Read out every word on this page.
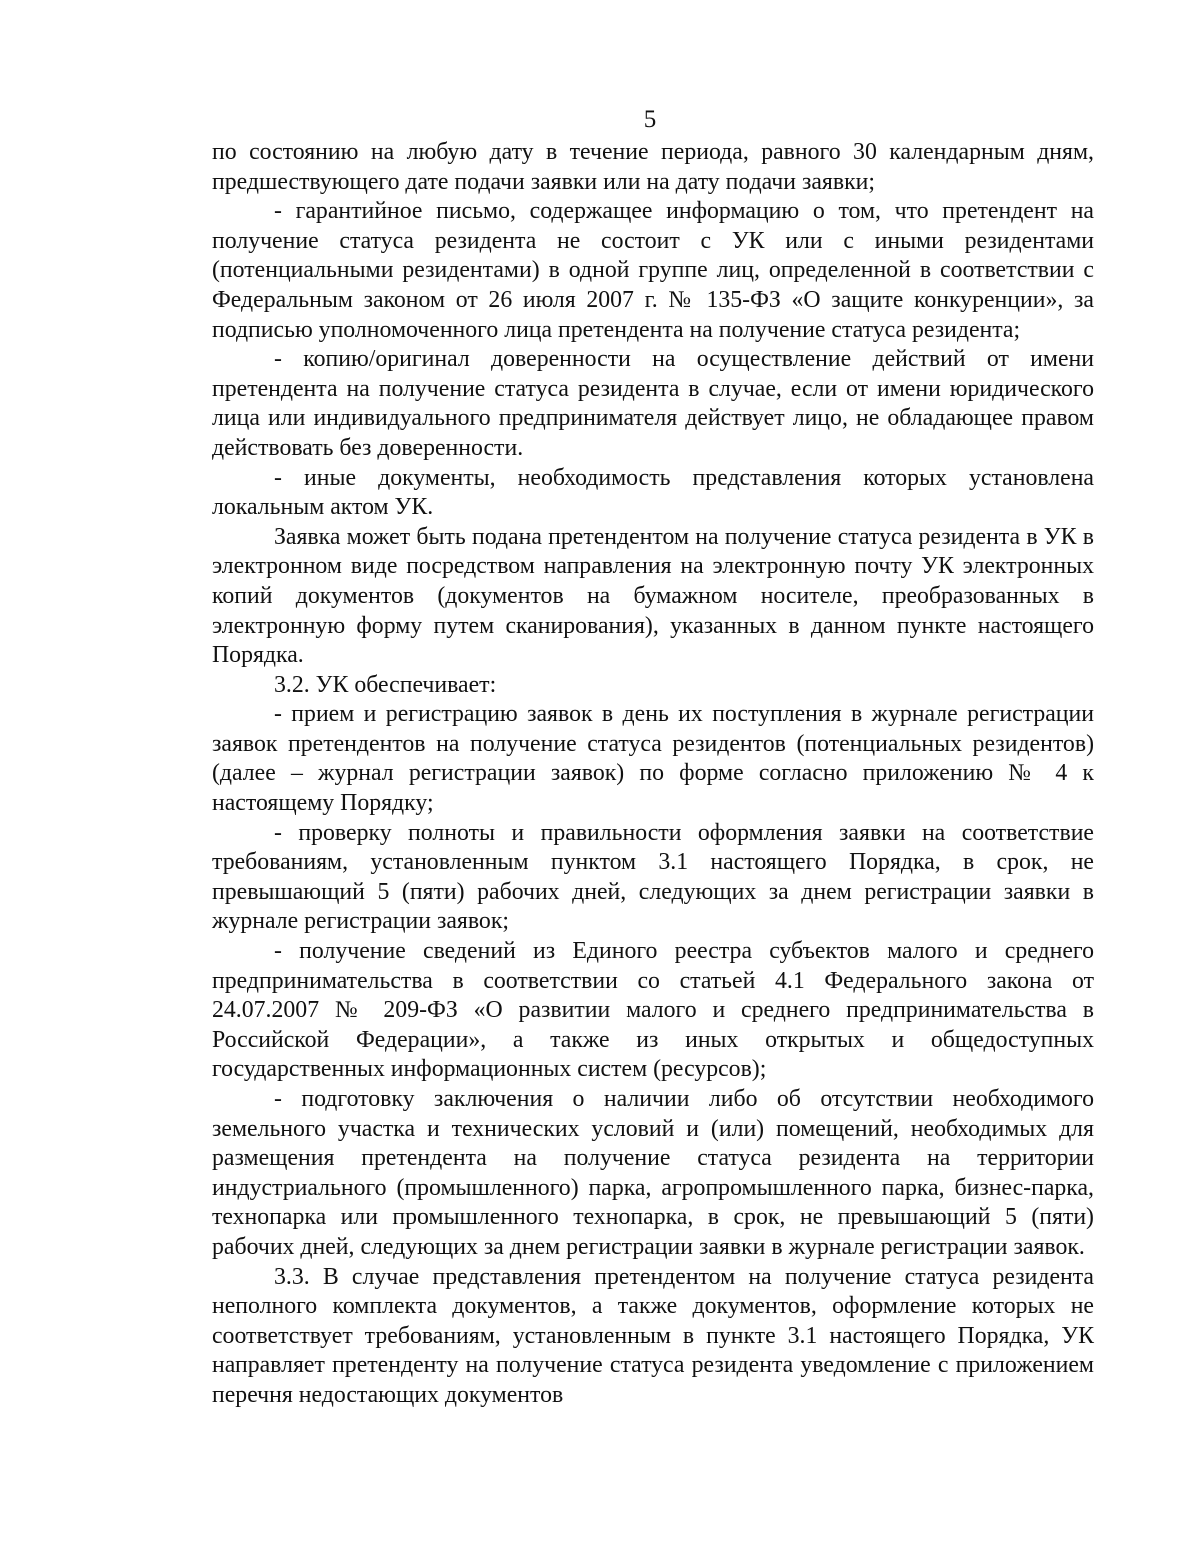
5

по состоянию на любую дату в течение периода, равного 30 календарным дням, предшествующего дате подачи заявки или на дату подачи заявки;

- гарантийное письмо, содержащее информацию о том, что претендент на получение статуса резидента не состоит с УК или с иными резидентами (потенциальными резидентами) в одной группе лиц, определенной в соответствии с Федеральным законом от 26 июля 2007 г. № 135-ФЗ «О защите конкуренции», за подписью уполномоченного лица претендента на получение статуса резидента;

- копию/оригинал доверенности на осуществление действий от имени претендента на получение статуса резидента в случае, если от имени юридического лица или индивидуального предпринимателя действует лицо, не обладающее правом действовать без доверенности.

- иные документы, необходимость представления которых установлена локальным актом УК.

Заявка может быть подана претендентом на получение статуса резидента в УК в электронном виде посредством направления на электронную почту УК электронных копий документов (документов на бумажном носителе, преобразованных в электронную форму путем сканирования), указанных в данном пункте настоящего Порядка.

3.2. УК обеспечивает:

- прием и регистрацию заявок в день их поступления в журнале регистрации заявок претендентов на получение статуса резидентов (потенциальных резидентов) (далее – журнал регистрации заявок) по форме согласно приложению № 4 к настоящему Порядку;

- проверку полноты и правильности оформления заявки на соответствие требованиям, установленным пунктом 3.1 настоящего Порядка, в срок, не превышающий 5 (пяти) рабочих дней, следующих за днем регистрации заявки в журнале регистрации заявок;

- получение сведений из Единого реестра субъектов малого и среднего предпринимательства в соответствии со статьей 4.1 Федерального закона от 24.07.2007 № 209-ФЗ «О развитии малого и среднего предпринимательства в Российской Федерации», а также из иных открытых и общедоступных государственных информационных систем (ресурсов);

- подготовку заключения о наличии либо об отсутствии необходимого земельного участка и технических условий и (или) помещений, необходимых для размещения претендента на получение статуса резидента на территории индустриального (промышленного) парка, агропромышленного парка, бизнес-парка, технопарка или промышленного технопарка, в срок, не превышающий 5 (пяти) рабочих дней, следующих за днем регистрации заявки в журнале регистрации заявок.

3.3. В случае представления претендентом на получение статуса резидента неполного комплекта документов, а также документов, оформление которых не соответствует требованиям, установленным в пункте 3.1 настоящего Порядка, УК направляет претенденту на получение статуса резидента уведомление с приложением перечня недостающих документов
